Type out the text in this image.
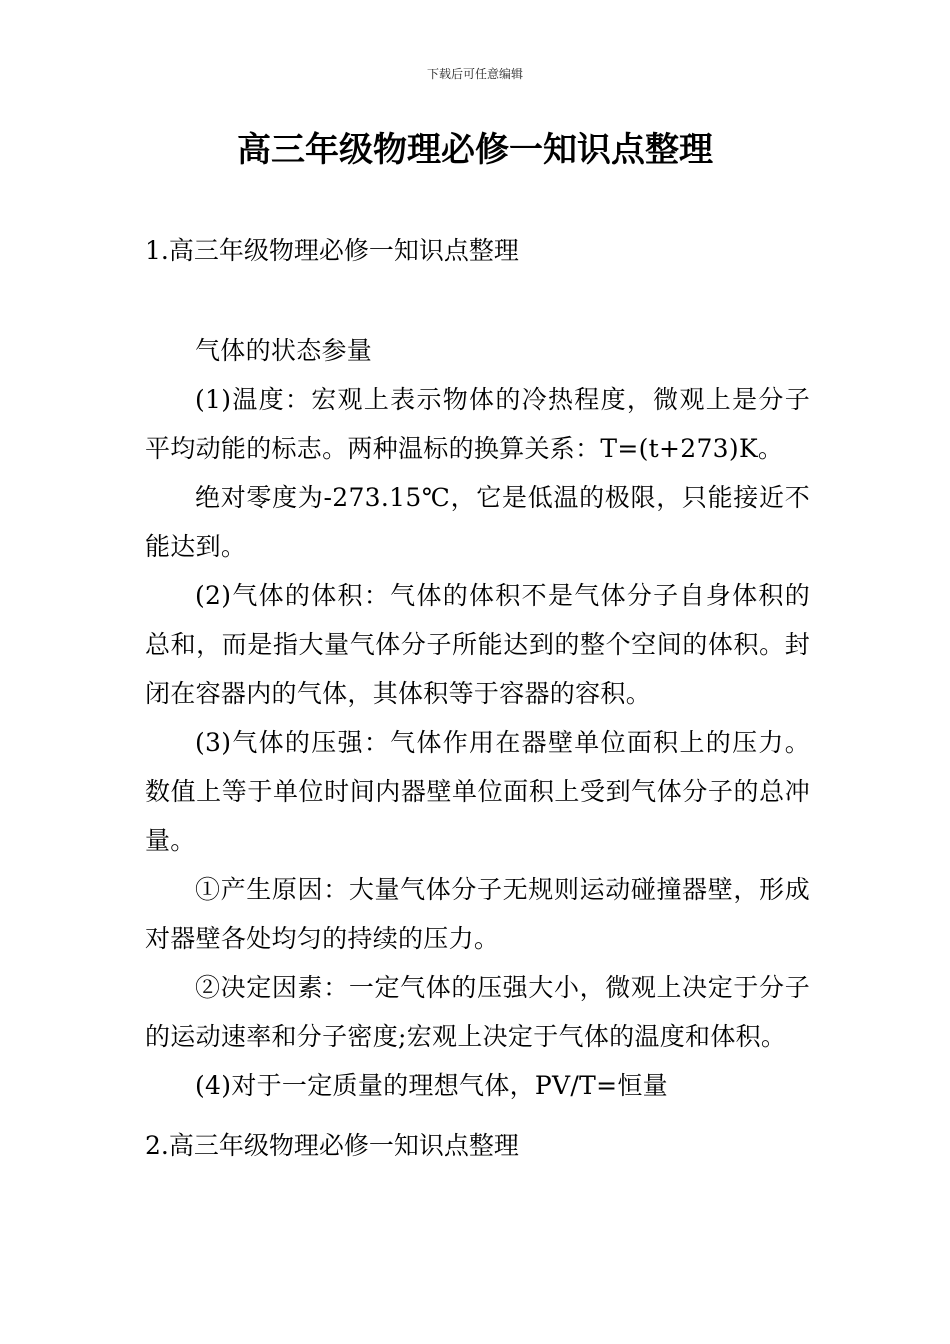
下载后可任意编辑
高三年级物理必修一知识点整理
1.高三年级物理必修一知识点整理

气体的状态参量

(1)温度：宏观上表示物体的冷热程度，微观上是分子平均动能的标志。两种温标的换算关系：T=(t+273)K。

绝对零度为-273.15℃，它是低温的极限，只能接近不能达到。

(2)气体的体积：气体的体积不是气体分子自身体积的总和，而是指大量气体分子所能达到的整个空间的体积。封闭在容器内的气体，其体积等于容器的容积。

(3)气体的压强：气体作用在器壁单位面积上的压力。数值上等于单位时间内器壁单位面积上受到气体分子的总冲量。

①产生原因：大量气体分子无规则运动碰撞器壁，形成对器壁各处均匀的持续的压力。

②决定因素：一定气体的压强大小，微观上决定于分子的运动速率和分子密度;宏观上决定于气体的温度和体积。

(4)对于一定质量的理想气体，PV/T=恒量

2.高三年级物理必修一知识点整理
